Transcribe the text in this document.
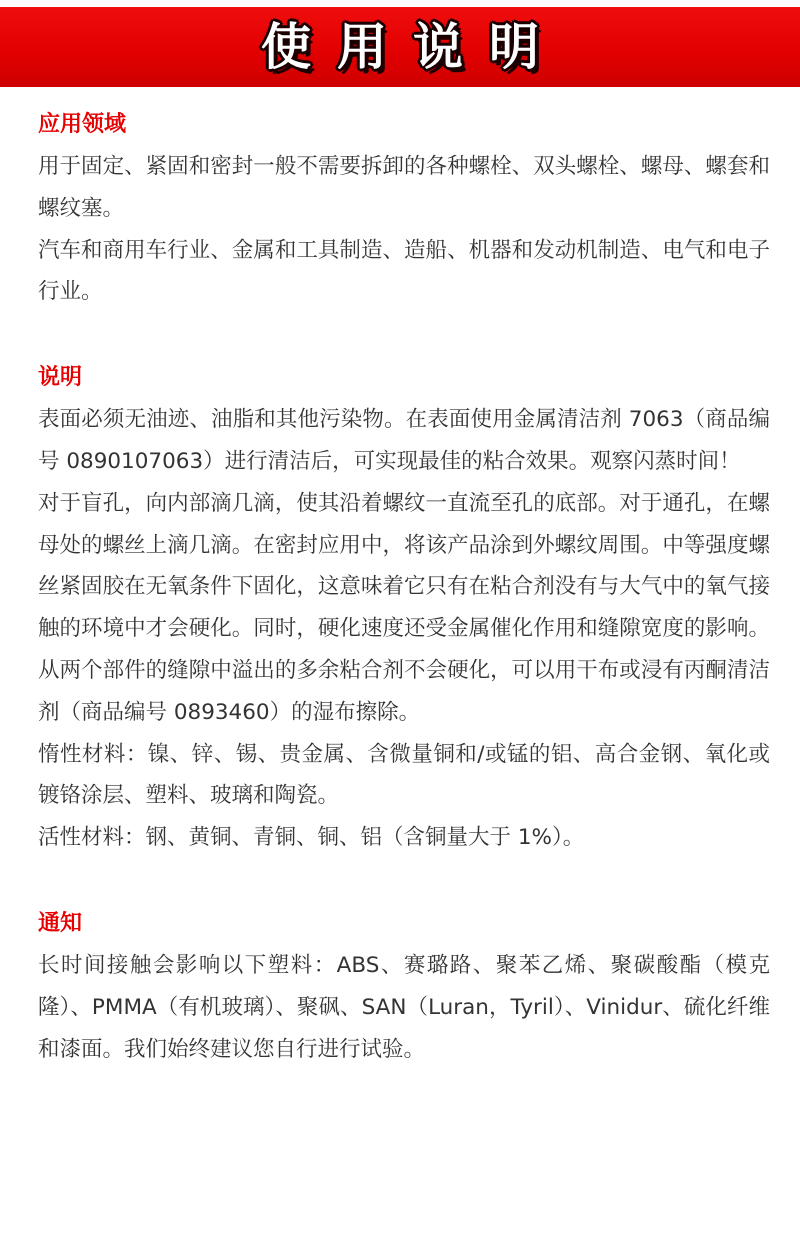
使用说明
应用领域

用于固定、紧固和密封一般不需要拆卸的各种螺栓、双头螺栓、螺母、螺套和螺纹塞。

汽车和商用车行业、金属和工具制造、造船、机器和发动机制造、电气和电子行业。

说明

表面必须无油迹、油脂和其他污染物。在表面使用金属清洁剂 7063（商品编号 0890107063）进行清洁后，可实现最佳的粘合效果。观察闪蒸时间！

对于盲孔，向内部滴几滴，使其沿着螺纹一直流至孔的底部。对于通孔，在螺母处的螺丝上滴几滴。在密封应用中，将该产品涂到外螺纹周围。中等强度螺丝紧固胶在无氧条件下固化，这意味着它只有在粘合剂没有与大气中的氧气接触的环境中才会硬化。同时，硬化速度还受金属催化作用和缝隙宽度的影响。从两个部件的缝隙中溢出的多余粘合剂不会硬化，可以用干布或浸有丙酮清洁剂（商品编号 0893460）的湿布擦除。

惰性材料：镍、锌、锡、贵金属、含微量铜和/或锰的铝、高合金钢、氧化或镀铬涂层、塑料、玻璃和陶瓷。

活性材料：钢、黄铜、青铜、铜、铝（含铜量大于 1%）。

通知

长时间接触会影响以下塑料：ABS、赛璐路、聚苯乙烯、聚碳酸酯（模克隆）、PMMA（有机玻璃）、聚砜、SAN（Luran，Tyril）、Vinidur、硫化纤维和漆面。我们始终建议您自行进行试验。
